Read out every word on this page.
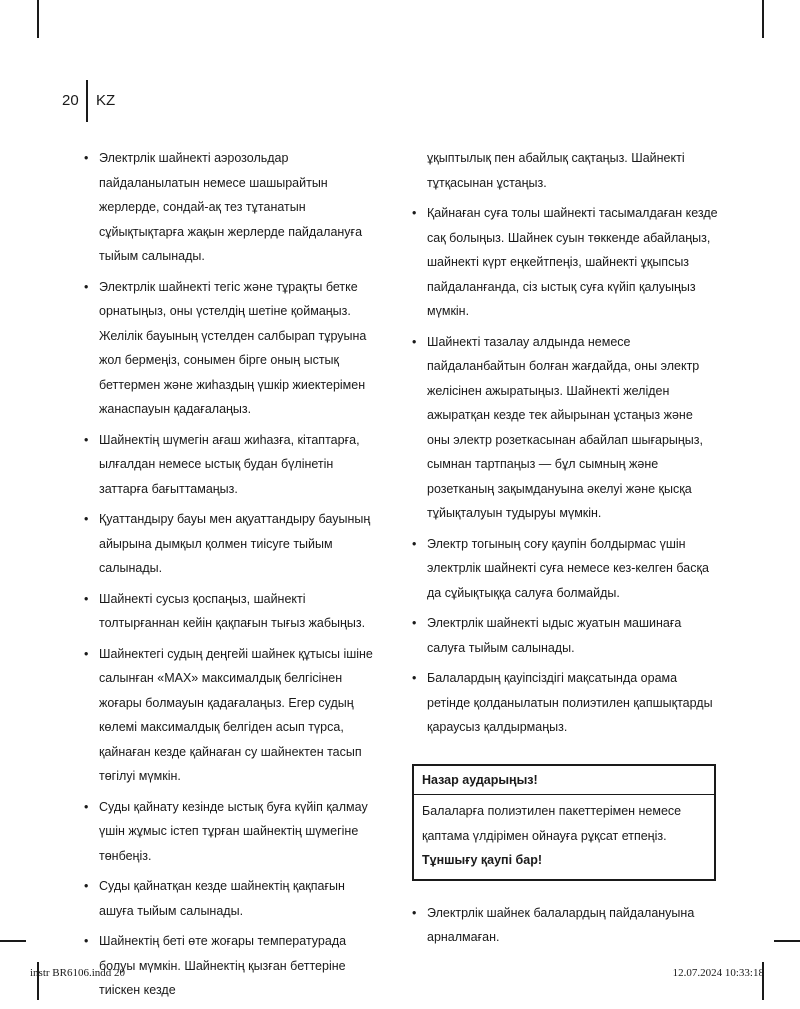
20 KZ
• Электрлік шайнекті аэрозольдар пайдаланылатын немесе шашырайтын жерлерде, сондай-ақ тез тұтанатын сұйықтықтарға жақын жерлерде пайдалануға тыйым салынады.
• Электрлік шайнекті тегіс және тұрақты бетке орнатыңыз, оны үстелдің шетіне қоймаңыз. Желілік бауының үстелден салбырап тұруына жол бермеңіз, сонымен бірге оның ыстық беттермен және жиһаздың үшкір жиектерімен жанаспауын қадағалаңыз.
• Шайнектің шүмегін ағаш жиһазға, кітаптарға, ылғалдан немесе ыстық будан бүлінетін заттарға бағыттамаңыз.
• Қуаттандыру бауы мен ақуаттандыру бауының айырына дымқыл қолмен тиісуге тыйым салынады.
• Шайнекті сусыз қоспаңыз, шайнекті толтырғаннан кейін қақпағын тығыз жабыңыз.
• Шайнектегі судың деңгейі шайнек құтысы ішіне салынған «MAX» максималдық белгісінен жоғары болмауын қадағалаңыз. Егер судың көлемі максималдық белгіден асып түрса, қайнаған кезде қайнаған су шайнектен тасып төгілуі мүмкін.
• Суды қайнату кезінде ыстық буға күйіп қалмау үшін жұмыс істеп тұрған шайнектің шүмегіне төнбеңіз.
• Суды қайнатқан кезде шайнектің қақпағын ашуға тыйым салынады.
• Шайнектің беті өте жоғары температурада болуы мүмкін. Шайнектің қызған беттеріне тиіскен кезде
ұқыптылық пен абайлық сақтаңыз. Шайнекті тұтқасынан ұстаңыз.
• Қайнаған суға толы шайнекті тасымалдаған кезде сақ болыңыз. Шайнек суын төккенде абайлаңыз, шайнекті күрт еңкейтпеңіз, шайнекті ұқыпсыз пайдаланғанда, сіз ыстық суға күйіп қалуыңыз мүмкін.
• Шайнекті тазалау алдында немесе пайдаланбайтын болған жағдайда, оны электр желісінен ажыратыңыз. Шайнекті желіден ажыратқан кезде тек айырынан ұстаңыз және оны электр розеткасынан абайлап шығарыңыз, сымнан тартпаңыз — бұл сымның және розетканың зақымдануына әкелуі және қысқа тұйықталуын тудыруы мүмкін.
• Электр тогының соғу қаупін болдырмас үшін электрлік шайнекті суға немесе кез-келген басқа да сұйықтыққа салуға болмайды.
• Электрлік шайнекті ыдыс жуатын машинаға салуға тыйым салынады.
• Балалардың қауіпсіздігі мақсатында орама ретінде қолданылатын полиэтилен қапшықтарды қараусыз қалдырмаңыз.
Назар аударыңыз!
Балаларға полиэтилен пакеттерімен немесе қаптама үлдірімен ойнауға рұқсат етпеңіз. Тұншығу қаупі бар!
• Электрлік шайнек балалардың пайдалануына арналмаған.
instr BR6106.indd 20	12.07.2024 10:33:18
